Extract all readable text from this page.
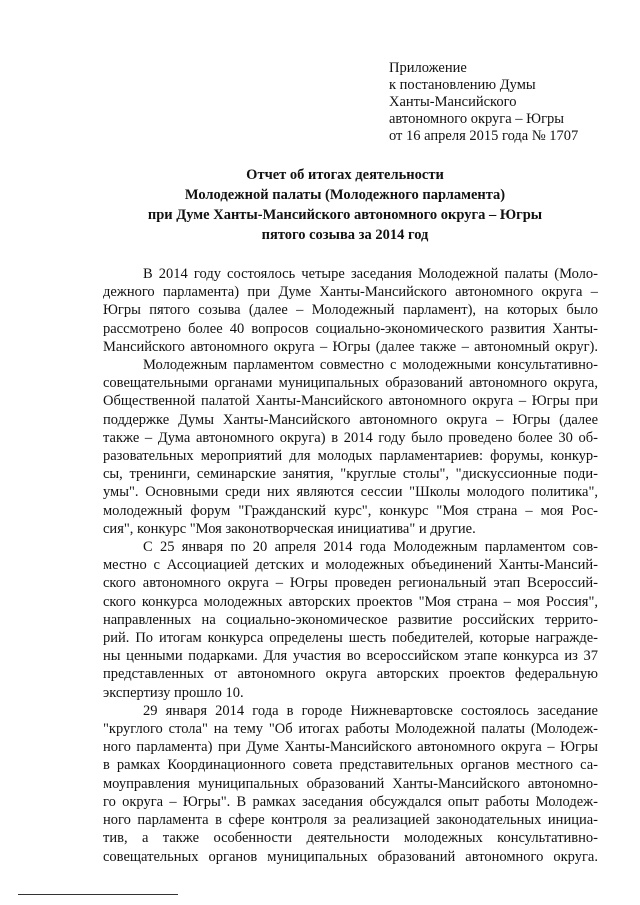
Приложение
к постановлению Думы
Ханты-Мансийского
автономного округа – Югры
от 16 апреля 2015 года № 1707
Отчет об итогах деятельности
Молодежной палаты (Молодежного парламента)
при Думе Ханты-Мансийского автономного округа – Югры
пятого созыва за 2014 год
В 2014 году состоялось четыре заседания Молодежной палаты (Моло-
дежного парламента) при Думе Ханты-Мансийского автономного округа –
Югры пятого созыва (далее – Молодежный парламент), на которых было
рассмотрено более 40 вопросов социально-экономического развития Ханты-
Мансийского автономного округа – Югры (далее также – автономный округ).
Молодежным парламентом совместно с молодежными консультативно-
совещательными органами муниципальных образований автономного округа,
Общественной палатой Ханты-Мансийского автономного округа – Югры при
поддержке Думы Ханты-Мансийского автономного округа – Югры (далее
также – Дума автономного округа) в 2014 году было проведено более 30 об-
разовательных мероприятий для молодых парламентариев: форумы, конкур-
сы, тренинги, семинарские занятия, "круглые столы", "дискуссионные поди-
умы". Основными среди них являются сессии "Школы молодого политика",
молодежный форум "Гражданский курс", конкурс "Моя страна – моя Рос-
сия", конкурс "Моя законотворческая инициатива" и другие.
С 25 января по 20 апреля 2014 года Молодежным парламентом сов-
местно с Ассоциацией детских и молодежных объединений Ханты-Мансий-
ского автономного округа – Югры проведен региональный этап Всероссий-
ского конкурса молодежных авторских проектов "Моя страна – моя Россия",
направленных на социально-экономическое развитие российских террито-
рий. По итогам конкурса определены шесть победителей, которые награжде-
ны ценными подарками. Для участия во всероссийском этапе конкурса из 37
представленных от автономного округа авторских проектов федеральную
экспертизу прошло 10.
29 января 2014 года в городе Нижневартовске состоялось заседание
"круглого стола" на тему "Об итогах работы Молодежной палаты (Молодеж-
ного парламента) при Думе Ханты-Мансийского автономного округа – Югры
в рамках Координационного совета представительных органов местного са-
моуправления муниципальных образований Ханты-Мансийского автономно-
го округа – Югры". В рамках заседания обсуждался опыт работы Молодеж-
ного парламента в сфере контроля за реализацией законодательных инициа-
тив, а также особенности деятельности молодежных консультативно-
совещательных органов муниципальных образований автономного округа.
